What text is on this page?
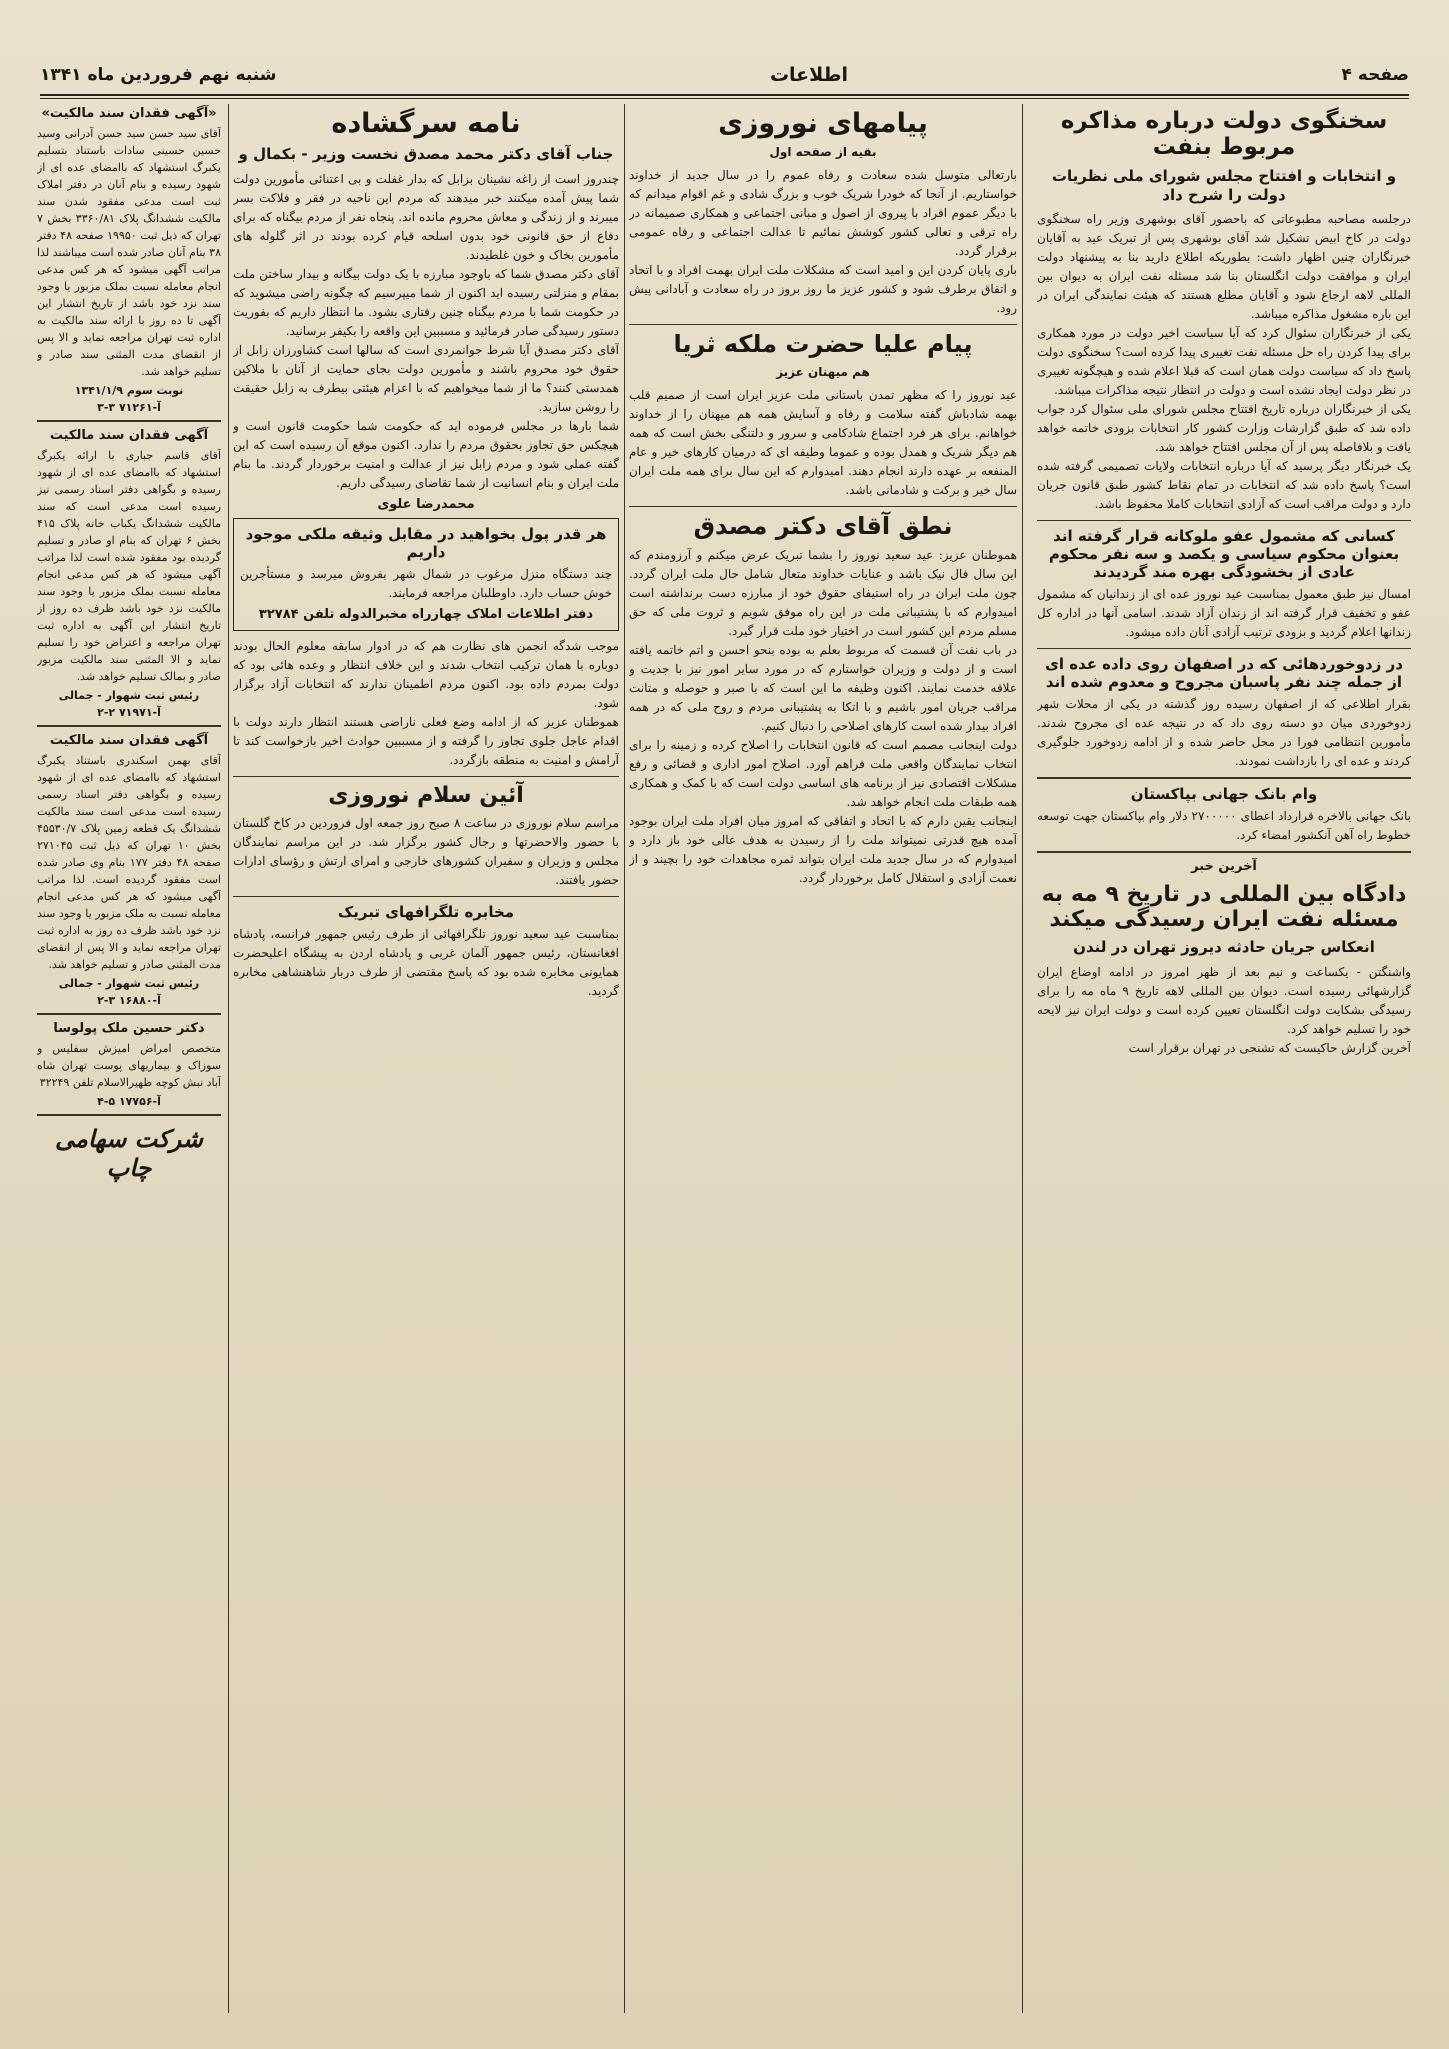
صفحه ۴
اطلاعات
شنبه نهم فروردین ماه ۱۳۴۱
سخنگوی دولت درباره مذاکره مربوط بنفت
و انتخابات و افتتاح مجلس شورای ملی نظریات دولت را شرح داد

درجلسه مصاحبه مطبوعاتی که باحضور آقای بوشهری وزیر راه سخنگوی دولت در کاخ ابیض تشکیل شد آقای بوشهری پس از تبریک عید به آقایان خبرنگاران چنین اظهار داشت: بطوریکه اطلاع دارید بنا به پیشنهاد دولت ایران و موافقت دولت انگلستان بنا شد مسئله نفت ایران به دیوان بین المللی لاهه ارجاع شود و آقایان مطلع هستند که هیئت نمایندگی ایران در این باره مشغول مذاکره میباشد.

یکی از خبرنگاران سئوال کرد که آیا سیاست اخیر دولت در مورد همکاری برای پیدا کردن راه حل مسئله نفت تغییری پیدا کرده است؟ سخنگوی دولت پاسخ داد که سیاست دولت همان است که قبلا اعلام شده و هیچگونه تغییری در نظر دولت ایجاد نشده است و دولت در انتظار نتیجه مذاکرات میباشد.

یکی از خبرنگاران درباره تاریخ افتتاح مجلس شورای ملی سئوال کرد جواب داده شد که طبق گزارشات وزارت کشور کار انتخابات بزودی خاتمه خواهد یافت و بلافاصله پس از آن مجلس افتتاح خواهد شد.

یک خبرنگار دیگر پرسید که آیا درباره انتخابات ولایات تصمیمی گرفته شده است؟ پاسخ داده شد که انتخابات در تمام نقاط کشور طبق قانون جریان دارد و دولت مراقب است که آزادی انتخابات کاملا محفوظ باشد.

کسانی که مشمول عفو ملوکانه قرار گرفته اند بعنوان محکوم سیاسی و یکصد و سه نفر محکوم عادی از بخشودگی بهره مند گردیدند

امسال نیز طبق معمول بمناسبت عید نوروز عده ای از زندانیان که مشمول عفو و تخفیف قرار گرفته اند از زندان آزاد شدند. اسامی آنها در اداره کل زندانها اعلام گردید و بزودی ترتیب آزادی آنان داده میشود.

در زدوخوردهائی که در اصفهان روی داده عده ای از جمله چند نفر پاسبان مجروح و معدوم شده اند

بقرار اطلاعی که از اصفهان رسیده روز گذشته در یکی از محلات شهر زدوخوردی میان دو دسته روی داد که در نتیجه عده ای مجروح شدند. مأمورین انتظامی فورا در محل حاضر شده و از ادامه زدوخورد جلوگیری کردند و عده ای را بازداشت نمودند.

وام بانک جهانی بپاکستان

بانک جهانی بالاخره قرارداد اعطای ۲۷۰۰۰۰۰ دلار وام بپاکستان جهت توسعه خطوط راه آهن آنکشور امضاء کرد.

آخرین خبر
دادگاه بین المللی در تاریخ ۹ مه به مسئله نفت ایران رسیدگی میکند
انعکاس جریان حادثه دیروز تهران در لندن

واشنگتن - یکساعت و نیم بعد از ظهر امروز در ادامه اوضاع ایران گزارشهائی رسیده است. دیوان بین المللی لاهه تاریخ ۹ ماه مه را برای رسیدگی بشکایت دولت انگلستان تعیین کرده است و دولت ایران نیز لایحه خود را تسلیم خواهد کرد.

آخرین گزارش حاکیست که تشنجی در تهران برقرار است

پیامهای نوروزی
بقیه از صفحه اول

بارتعالی متوسل شده سعادت و رفاه عموم را در سال جدید از خداوند خواستاریم. از آنجا که خودرا شریک خوب و بزرگ شادی و غم اقوام میدانم که با دیگر عموم افراد با پیروی از اصول و مبانی اجتماعی و همکاری صمیمانه در راه ترقی و تعالی کشور کوشش نمائیم تا عدالت اجتماعی و رفاه عمومی برقرار گردد.

باری پایان کردن این و امید است که مشکلات ملت ایران بهمت افراد و با اتحاد و اتفاق برطرف شود و کشور عزیز ما روز بروز در راه سعادت و آبادانی پیش رود.

پیام علیا حضرت ملکه ثریا
هم میهنان عزیز

عید نوروز را که مظهر تمدن باستانی ملت عزیز ایران است از صمیم قلب بهمه شادباش گفته سلامت و رفاه و آسایش همه هم میهنان را از خداوند خواهانم. برای هر فرد اجتماع شادکامی و سرور و دلتنگی بخش است که همه هم دیگر شریک و همدل بوده و عموما وطیفه ای که درمیان کارهای خیر و عام المنفعه بر عهده دارند انجام دهند. امیدوارم که این سال برای همه ملت ایران سال خیر و برکت و شادمانی باشد.

نطق آقای دکتر مصدق

هموطنان عزیز: عید سعید نوروز را بشما تبریک عرض میکنم و آرزومندم که این سال فال نیک باشد و عنایات خداوند متعال شامل حال ملت ایران گردد. چون ملت ایران در راه استیفای حقوق خود از مبارزه دست برنداشته است امیدوارم که با پشتیبانی ملت در این راه موفق شویم و ثروت ملی که حق مسلم مردم این کشور است در اختیار خود ملت قرار گیرد.

در باب نفت آن قسمت که مربوط بعلم به بوده بنحو احسن و اتم خاتمه یافته است و از دولت و وزیران خواستارم که در مورد سایر امور نیز با جدیت و علاقه خدمت نمایند. اکنون وظیفه ما این است که با صبر و حوصله و متانت مراقب جریان امور باشیم و با اتکا به پشتیبانی مردم و روح ملی که در همه افراد بیدار شده است کارهای اصلاحی را دنبال کنیم.

دولت اینجانب مصمم است که قانون انتخابات را اصلاح کرده و زمینه را برای انتخاب نمایندگان واقعی ملت فراهم آورد. اصلاح امور اداری و قضائی و رفع مشکلات اقتصادی نیز از برنامه های اساسی دولت است که با کمک و همکاری همه طبقات ملت انجام خواهد شد.

اینجانب یقین دارم که با اتحاد و اتفاقی که امروز میان افراد ملت ایران بوجود آمده هیچ قدرتی نمیتواند ملت را از رسیدن به هدف عالی خود باز دارد و امیدوارم که در سال جدید ملت ایران بتواند ثمره مجاهدات خود را بچیند و از نعمت آزادی و استقلال کامل برخوردار گردد.

نامه سرگشاده
جناب آقای دکتر محمد مصدق نخست وزیر - بکمال و

چندروز است از زاغه نشینان بزابل که بدار غفلت و بی اعتنائی مأمورین دولت شما پیش آمده میکنند خبر میدهند که مردم این ناحیه در فقر و فلاکت بسر میبرند و از زندگی و معاش محروم مانده اند. پنجاه نفر از مردم بیگناه که برای دفاع از حق قانونی خود بدون اسلحه قیام کرده بودند در اثر گلوله های مأمورین بخاک و خون غلطیدند.

آقای دکتر مصدق شما که باوجود مبارزه با یک دولت بیگانه و بیدار ساختن ملت بمقام و منزلتی رسیده اید اکنون از شما میپرسیم که چگونه راضی میشوید که در حکومت شما با مردم بیگناه چنین رفتاری بشود. ما انتظار داریم که بفوریت دستور رسیدگی صادر فرمائید و مسببین این واقعه را بکیفر برسانید.

آقای دکتر مصدق آیا شرط جوانمردی است که سالها است کشاورزان زابل از حقوق خود محروم باشند و مأمورین دولت بجای حمایت از آنان با ملاکین همدستی کنند؟ ما از شما میخواهیم که با اعزام هیئتی بیطرف به زابل حقیقت را روشن سازید.

شما بارها در مجلس فرموده اید که حکومت شما حکومت قانون است و هیچکس حق تجاوز بحقوق مردم را ندارد. اکنون موقع آن رسیده است که این گفته عملی شود و مردم زابل نیز از عدالت و امنیت برخوردار گردند. ما بنام ملت ایران و بنام انسانیت از شما تقاضای رسیدگی داریم.

محمدرضا علوی
هر قدر پول بخواهید در مقابل وثیقه ملکی موجود داریم

چند دستگاه منزل مرغوب در شمال شهر بفروش میرسد و مستأجرین خوش حساب دارد. داوطلبان مراجعه فرمایند.

دفتر اطلاعات املاک چهارراه مخبرالدوله تلفن ۳۲۷۸۴

موجب شدگه انجمن های نظارت هم که در ادوار سابقه معلوم الحال بودند دوباره با همان ترکیب انتخاب شدند و این خلاف انتظار و وعده هائی بود که دولت بمردم داده بود. اکنون مردم اطمینان ندارند که انتخابات آزاد برگزار شود.

هموطنان عزیز که از ادامه وضع فعلی ناراضی هستند انتظار دارند دولت با اقدام عاجل جلوی تجاوز را گرفته و از مسببین حوادث اخیر بازخواست کند تا آرامش و امنیت به منطقه بازگردد.

آئین سلام نوروزی

مراسم سلام نوروزی در ساعت ۸ صبح روز جمعه اول فروردین در کاخ گلستان با حضور والاحضرتها و رجال کشور برگزار شد. در این مراسم نمایندگان مجلس و وزیران و سفیران کشورهای خارجی و امرای ارتش و رؤسای ادارات حضور یافتند.

مخابره تلگرافهای تبریک

بمناسبت عید سعید نوروز تلگرافهائی از طرف رئیس جمهور فرانسه، پادشاه افغانستان، رئیس جمهور آلمان غربی و پادشاه اردن به پیشگاه اعلیحضرت همایونی مخابره شده بود که پاسخ مقتضی از طرف دربار شاهنشاهی مخابره گردید.

«آگهی فقدان سند مالکیت»

آقای سید حسن سید حسن آدرانی وسید حسین حسینی سادات باستناد بتسلیم یکبرگ استشهاد که باامضای عده ای از شهود رسیده و بنام آنان در دفتر املاک ثبت است مدعی مفقود شدن سند مالکیت ششدانگ پلاک ۳۳۶۰/۸۱ بخش ۷ تهران که ذیل ثبت ۱۹۹۵۰ صفحه ۴۸ دفتر ۳۸ بنام آنان صادر شده است میباشند لذا مراتب آگهی میشود که هر کس مدعی انجام معامله نسبت بملک مزبور یا وجود سند نزد خود باشد از تاریخ انتشار این آگهی تا ده روز با ارائه سند مالکیت به اداره ثبت تهران مراجعه نماید و الا پس از انقضای مدت المثنی سند صادر و تسلیم خواهد شد.

نوبت سوم ۱۳۴۱/۱/۹
آ-۷۱۲۶۱ ۳-۳
آگهی فقدان سند مالکیت

آقای قاسم جباری با ارائه یکبرگ استشهاد که باامضای عده ای از شهود رسیده و بگواهی دفتر اسناد رسمی نیز رسیده است مدعی است که سند مالکیت ششدانگ یکباب خانه پلاک ۴۱۵ بخش ۶ تهران که بنام او صادر و تسلیم گردیده بود مفقود شده است لذا مراتب آگهی میشود که هر کس مدعی انجام معامله نسبت بملک مزبور یا وجود سند مالکیت نزد خود باشد ظرف ده روز از تاریخ انتشار این آگهی به اداره ثبت تهران مراجعه و اعتراض خود را تسلیم نماید و الا المثنی سند مالکیت مزبور صادر و بمالک تسلیم خواهد شد.

رئیس ثبت شهوار - جمالی
آ-۷۱۹۷۱ ۲-۲
آگهی فقدان سند مالکیت

آقای بهمن اسکندری باستناد یکبرگ استشهاد که باامضای عده ای از شهود رسیده و بگواهی دفتر اسناد رسمی رسیده است مدعی است سند مالکیت ششدانگ یک قطعه زمین پلاک ۴۵۵۳۰/۷ بخش ۱۰ تهران که ذیل ثبت ۲۷۱۰۴۵ صفحه ۴۸ دفتر ۱۷۷ بنام وی صادر شده است مفقود گردیده است. لذا مراتب آگهی میشود که هر کس مدعی انجام معامله نسبت به ملک مزبور یا وجود سند نزد خود باشد ظرف ده روز به اداره ثبت تهران مراجعه نماید و الا پس از انقضای مدت المثنی صادر و تسلیم خواهد شد.

رئیس ثبت شهوار - جمالی
آ-۱۶۸۸۰ ۳-۲
دکتر حسین ملک پولوسا

متخصص امراض امیزش سفلیس و سوزاک و بیماریهای پوست تهران شاه آباد نبش کوچه ظهیرالاسلام تلفن ۳۲۲۴۹

آ-۱۷۷۵۶ ۵-۴
شرکت سهامی چاپ
